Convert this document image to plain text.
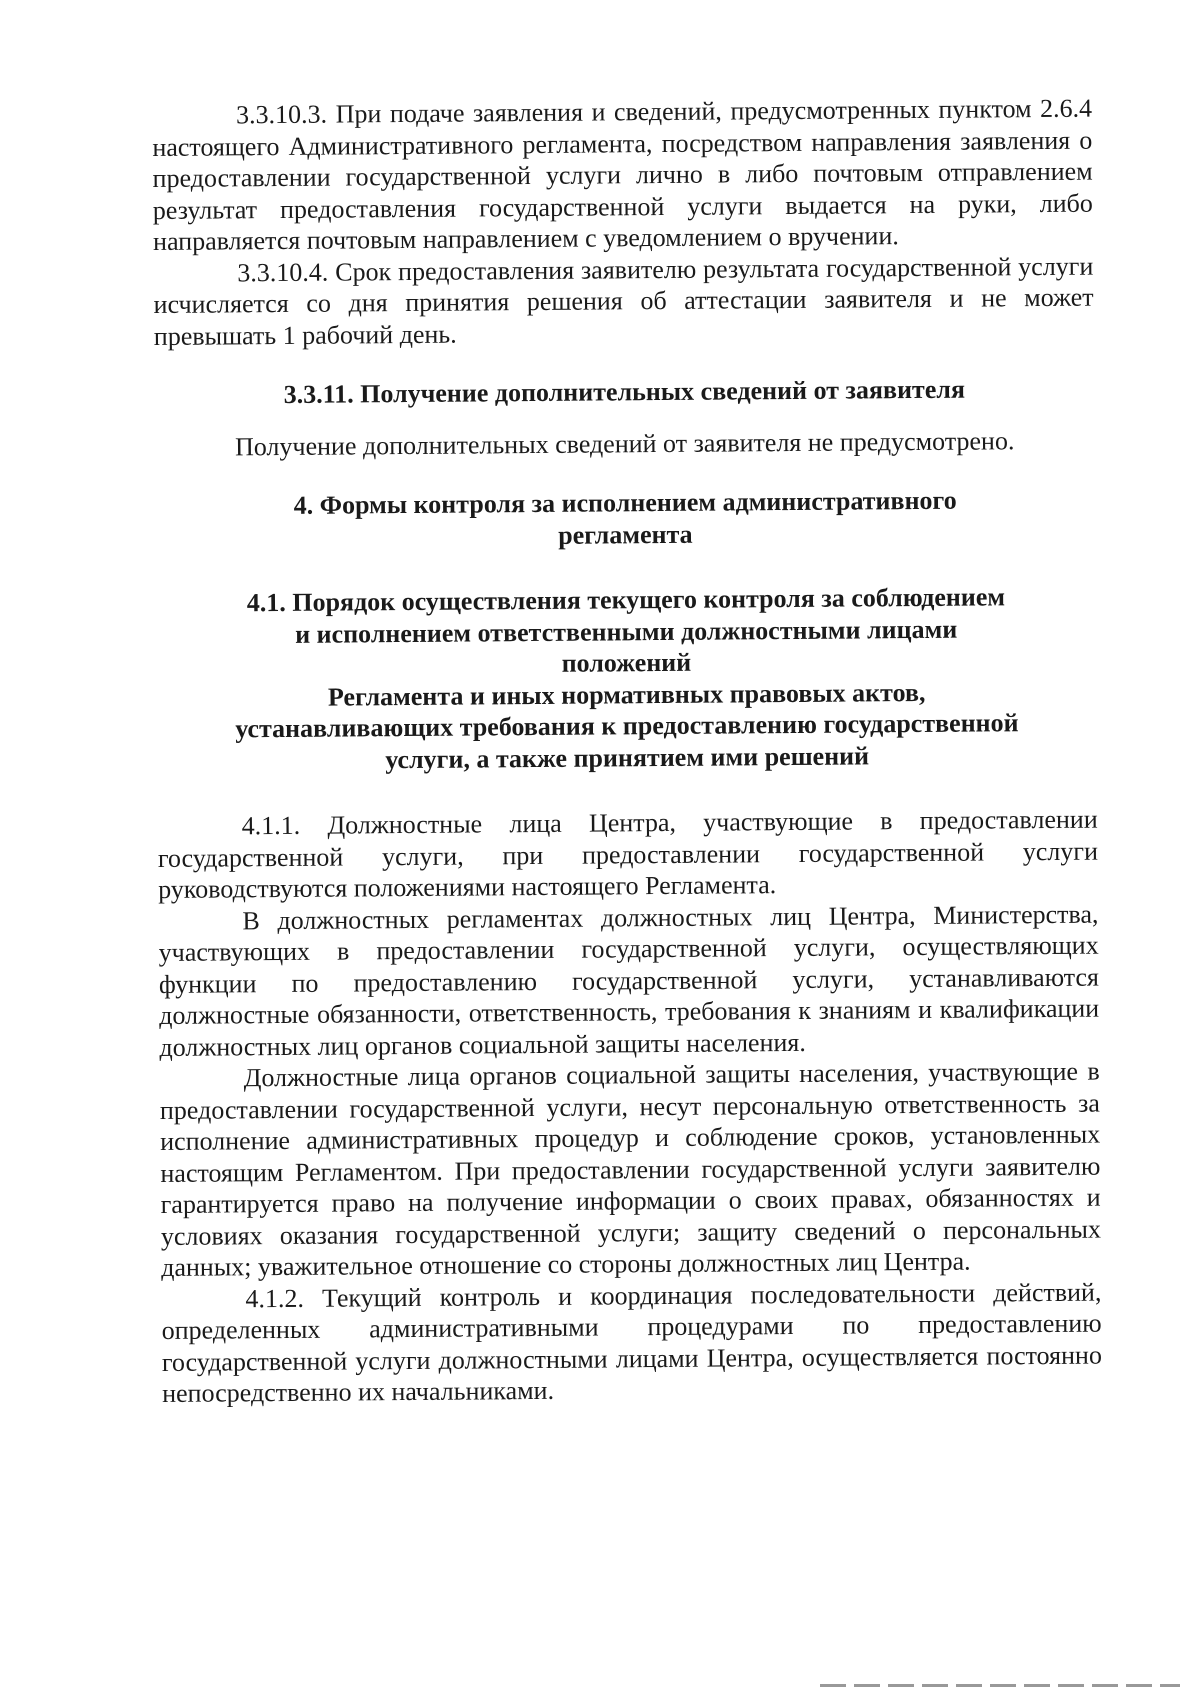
3.3.10.3. При подаче заявления и сведений, предусмотренных пунктом 2.6.4 настоящего Административного регламента, посредством направления заявления о предоставлении государственной услуги лично в либо почтовым отправлением результат предоставления государственной услуги выдается на руки, либо направляется почтовым направлением с уведомлением о вручении.

3.3.10.4. Срок предоставления заявителю результата государственной услуги исчисляется со дня принятия решения об аттестации заявителя и не может превышать 1 рабочий день.

3.3.11. Получение дополнительных сведений от заявителя

Получение дополнительных сведений от заявителя не предусмотрено.

4. Формы контроля за исполнением административного

регламента

4.1. Порядок осуществления текущего контроля за соблюдением

и исполнением ответственными должностными лицами

положений

Регламента и иных нормативных правовых актов,

устанавливающих требования к предоставлению государственной

услуги, а также принятием ими решений

4.1.1. Должностные лица Центра, участвующие в предоставлении государственной услуги, при предоставлении государственной услуги руководствуются положениями настоящего Регламента.

В должностных регламентах должностных лиц Центра, Министерства, участвующих в предоставлении государственной услуги, осуществляющих функции по предоставлению государственной услуги, устанавливаются должностные обязанности, ответственность, требования к знаниям и квалификации должностных лиц органов социальной защиты населения.

Должностные лица органов социальной защиты населения, участвующие в предоставлении государственной услуги, несут персональную ответственность за исполнение административных процедур и соблюдение сроков, установленных настоящим Регламентом. При предоставлении государственной услуги заявителю гарантируется право на получение информации о своих правах, обязанностях и условиях оказания государственной услуги; защиту сведений о персональных данных; уважительное отношение со стороны должностных лиц Центра.

4.1.2. Текущий контроль и координация последовательности действий, определенных административными процедурами по предоставлению государственной услуги должностными лицами Центра, осуществляется постоянно непосредственно их начальниками.
